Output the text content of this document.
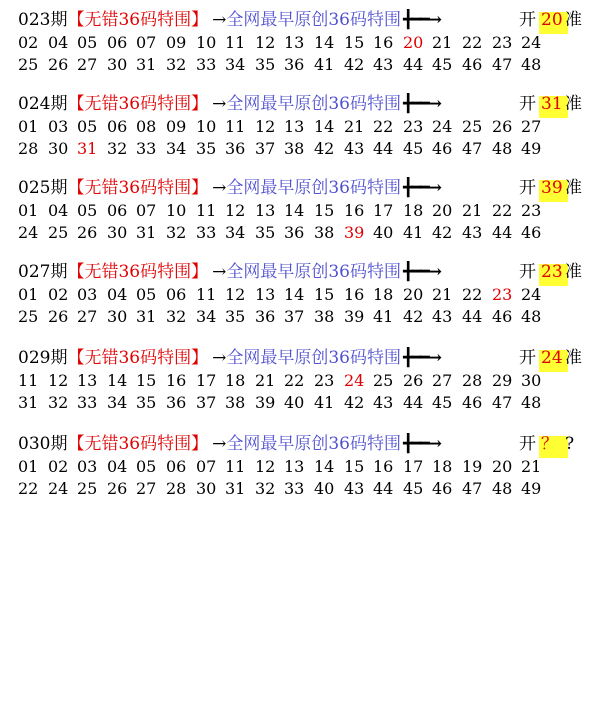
023期【无错36码特围】 →全网最早原创36码特围 ╋━━→	开 20 准
02 04 05 06 07 09 10 11 12 13 14 15 16 20 21 22 23 24
25 26 27 30 31 32 33 34 35 36 41 42 43 44 45 46 47 48
024期【无错36码特围】 →全网最早原创36码特围 ╋━━→	开 31 准
01 03 05 06 08 09 10 11 12 13 14 21 22 23 24 25 26 27
28 30 31 32 33 34 35 36 37 38 42 43 44 45 46 47 48 49
025期【无错36码特围】 →全网最早原创36码特围 ╋━━→	开 39 准
01 04 05 06 07 10 11 12 13 14 15 16 17 18 20 21 22 23
24 25 26 30 31 32 33 34 35 36 38 39 40 41 42 43 44 46
027期【无错36码特围】 →全网最早原创36码特围 ╋━━→	开 23 准
01 02 03 04 05 06 11 12 13 14 15 16 18 20 21 22 23 24
25 26 27 30 31 32 34 35 36 37 38 39 41 42 43 44 46 48
029期【无错36码特围】 →全网最早原创36码特围 ╋━━→	开 24 准
11 12 13 14 15 16 17 18 21 22 23 24 25 26 27 28 29 30
31 32 33 34 35 36 37 38 39 40 41 42 43 44 45 46 47 48
030期【无错36码特围】 →全网最早原创36码特围 ╋━━→	开 ？ ?
01 02 03 04 05 06 07 11 12 13 14 15 16 17 18 19 20 21
22 24 25 26 27 28 30 31 32 33 40 43 44 45 46 47 48 49
